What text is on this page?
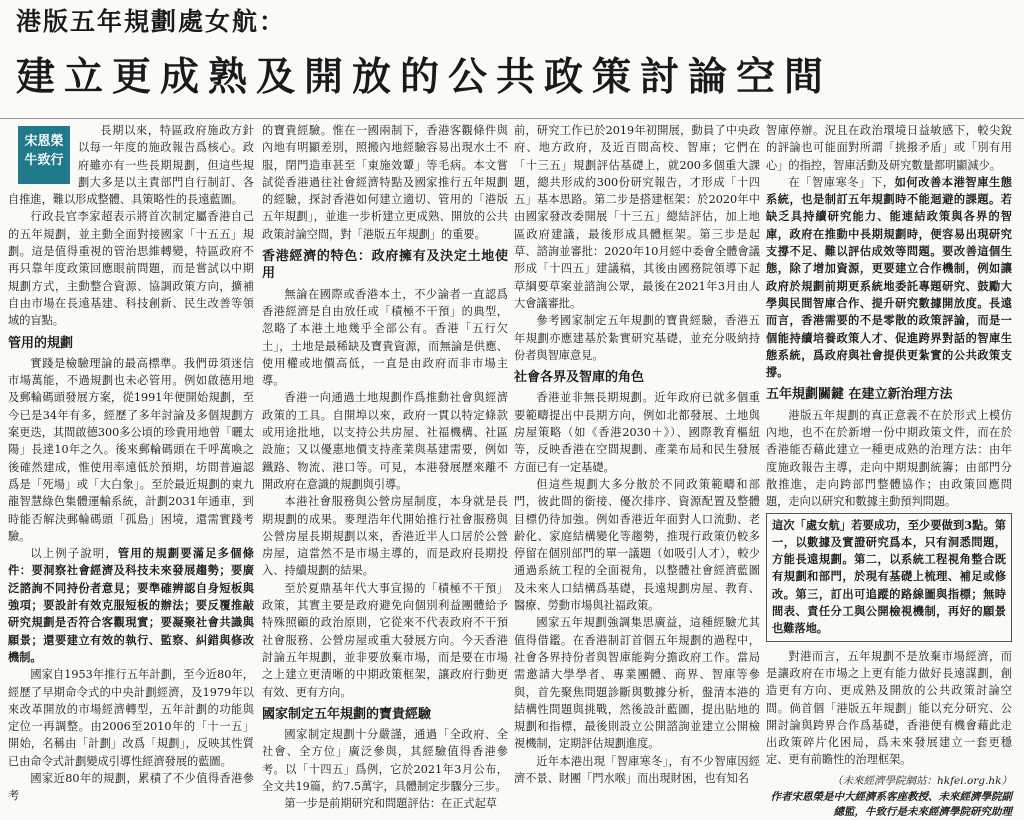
港版五年規劃處女航：
建立更成熟及開放的公共政策討論空間
宋恩榮
牛致行

長期以來，特區政府施政方針以每一年度的施政報告爲核心。政府雖亦有一些長期規劃，但這些規劃大多是以主責部門自行制訂、各自推進，難以形成整體、具策略性的長遠藍圖。

行政長官李家超表示將首次制定屬香港自己的五年規劃，並主動全面對接國家「十五五」規劃。這是值得重視的管治思維轉變，特區政府不再只靠年度政策回應眼前問題，而是嘗試以中期規劃方式，主動整合資源、協調政策方向，擴補自由市場在長遠基建、科技創新、民生改善等領域的盲點。

管用的規劃

實踐是檢驗理論的最高標準。我們毋須迷信市場萬能，不過規劃也未必管用。例如啟德用地及郵輪碼頭發展方案，從1991年便開始規劃，至今已是34年有多，經歷了多年討論及多個規劃方案更迭，其間啟德300多公頃的珍貴用地曾「曬太陽」長達10年之久。後來郵輪碼頭在千呼萬喚之後確然建成，惟使用率遠低於預期，坊間普遍認爲是「死場」或「大白象」。至於最近規劃的東九龍智慧綠色集體運輸系統，計劃2031年通車，到時能否解決郵輪碼頭「孤島」困境，還需實踐考驗。

以上例子說明，管用的規劃要滿足多個條件：要洞察社會經濟及科技未來發展趨勢；要廣泛諮詢不同持份者意見；要準確辨認自身短板與強項；要設計有效克服短板的辦法；要反覆推敲研究規劃是否符合客觀現實；要凝聚社會共識與願景；還要建立有效的執行、監察、糾錯與修改機制。

國家自1953年推行五年計劃，至今近80年，經歷了早期命令式的中央計劃經濟，及1979年以來改革開放的市場經濟轉型，五年計劃的功能與定位一再調整。由2006至2010年的「十一五」開始，名稱由「計劃」改爲「規劃」，反映其性質已由命令式計劃變成引導性經濟發展的藍圖。

國家近80年的規劃，累積了不少值得香港參考

的寶貴經驗。惟在一國兩制下，香港客觀條件與內地有明顯差別，照搬內地經驗容易出現水土不服，閉門造車甚至「東施效顰」等毛病。本文嘗試從香港過往社會經濟特點及國家推行五年規劃的經驗，探討香港如何建立適切、管用的「港版五年規劃」，並進一步析建立更成熟、開放的公共政策討論空間，對「港版五年規劃」的重要。

香港經濟的特色：政府擁有及決定土地使用

無論在國際或香港本土，不少論者一直認爲香港經濟是自由放任或「積極不干預」的典型，忽略了本港土地幾乎全部公有。香港「五行欠土」，土地是最稀缺及寶貴資源，而無論是供應、使用權或地價高低，一直是由政府而非市場主導。

香港一向通過土地規劃作爲推動社會與經濟政策的工具。自開埠以來，政府一貫以特定條款或用途批地，以支持公共房屋、社福機構、社區設施；又以優惠地價支持產業與基建需要，例如鐵路、物流、港口等。可見，本港發展歷來離不開政府在意識的規劃與引導。

本港社會服務與公營房屋制度，本身就是長期規劃的成果。麥理浩年代開始推行社會服務與公營房屋長期規劃以來，香港近半人口居於公營房屋，這當然不是市場主導的，而是政府長期投入、持續規劃的結果。

至於夏鼎基年代大事宣揚的「積極不干預」政策，其實主要是政府避免向個別利益團體給予特殊照顧的政治原則，它從來不代表政府不干預社會服務、公營房屋或重大發展方向。今天香港討論五年規劃，並非要放棄市場，而是要在市場之上建立更清晰的中期政策框架，讓政府行動更有效、更有方向。

國家制定五年規劃的寶貴經驗

國家制定規劃十分嚴謹，通過「全政府、全社會、全方位」廣泛參與，其經驗值得香港參考。以「十四五」爲例，它於2021年3月公布，全文共19篇，約7.5萬字，具體制定步驟分三步。

第一步是前期研究和問題評估：在正式起草

前，研究工作已於2019年初開展，動員了中央政府、地方政府，及近百間高校、智庫；它們在「十三五」規劃評估基礎上，就200多個重大課題，總共形成約300份研究報告，才形成「十四五」基本思路。第二步是搭建框架：於2020年中由國家發改委開展「十三五」總結評估，加上地區政府建議，最後形成具體框架。第三步是起草、諮詢並審批：2020年10月經中委會全體會議形成「十四五」建議稿，其後由國務院領導下起草綱要草案並諮詢公眾，最後在2021年3月由人大會議審批。

參考國家制定五年規劃的寶貴經驗，香港五年規劃亦應建基於紮實研究基礎，並充分吸納持份者與智庫意見。

社會各界及智庫的角色

香港並非無長期規劃。近年政府已就多個重要範疇提出中長期方向，例如北都發展、土地與房屋策略（如《香港2030＋》）、國際教育樞紐等，反映香港在空間規劃、產業布局和民生發展方面已有一定基礎。

但這些規劃大多分散於不同政策範疇和部門，彼此間的銜接、優次排序、資源配置及整體目標仍待加強。例如香港近年面對人口流動、老齡化、家庭結構變化等趨勢，推現行政策仍較多停留在個別部門的單一議題（如吸引人才），較少通過系統工程的全面視角，以整體社會經濟藍圖及未來人口結構爲基礎，長遠規劃房屋、教育、醫療、勞動市場與社福政策。

國家五年規劃強調集思廣益，這種經驗尤其值得借鑑。在香港制訂首個五年規劃的過程中，社會各界持份者與智庫能夠分擔政府工作。當局需邀請大學學者、專業團體、商界、智庫等參與，首先聚焦問題診斷與數據分析，盤清本港的結構性問題與挑戰，然後設計藍圖，提出貼地的規劃和指標，最後則設立公開諮詢並建立公開檢視機制，定期評估規劃進度。

近年本港出現「智庫寒冬」，有不少智庫因經濟不景、財團「門水喉」而出現財困，也有知名

智庫停辦。況且在政治環境日益敏感下，較尖銳的評論也可能面對所謂「挑撥矛盾」或「別有用心」的指控，智庫活動及研究數量都明顯減少。

在「智庫寒冬」下，如何改善本港智庫生態系統，也是制訂五年規劃時不能迴避的課題。若缺乏具持續研究能力、能連結政策與各界的智庫，政府在推動中長期規劃時，便容易出現研究支撐不足、難以評估成效等問題。要改善這個生態，除了增加資源，更要建立合作機制，例如讓政府於規劃前期更系統地委託專題研究、鼓勵大學與民間智庫合作、提升研究數據開放度。長遠而言，香港需要的不是零散的政策評論，而是一個能持續培養政策人才、促進跨界對話的智庫生態系統，爲政府與社會提供更紮實的公共政策支撐。

五年規劃關鍵 在建立新治理方法

港版五年規劃的真正意義不在於形式上模仿內地，也不在於新增一份中期政策文件，而在於香港能否藉此建立一種更成熟的治理方法：由年度施政報告主導，走向中期規劃統籌；由部門分散推進，走向跨部門整體協作；由政策回應問題，走向以研究和數據主動預判問題。

這次「處女航」若要成功，至少要做到3點。第一，以數據及實證研究爲本，只有洞悉問題，方能長遠規劃。第二，以系統工程視角整合既有規劃和部門，於現有基礎上梳理、補足或修改。第三，訂出可追蹤的路線圖與指標；無時間表、責任分工與公開檢視機制，再好的願景也難落地。

對港而言，五年規劃不是放棄市場經濟，而是讓政府在市場之上更有能力做好長遠謀劃，創造更有方向、更成熟及開放的公共政策討論空間。倘首個「港版五年規劃」能以充分研究、公開討論與跨界合作爲基礎，香港便有機會藉此走出政策碎片化困局，爲未來發展建立一套更穩定、更有前瞻性的治理框架。

（未來經濟學院網站：hkfei.org.hk）
作者宋恩榮是中大經濟系客座教授、未來經濟學院副總監，牛致行是未來經濟學院研究助理
